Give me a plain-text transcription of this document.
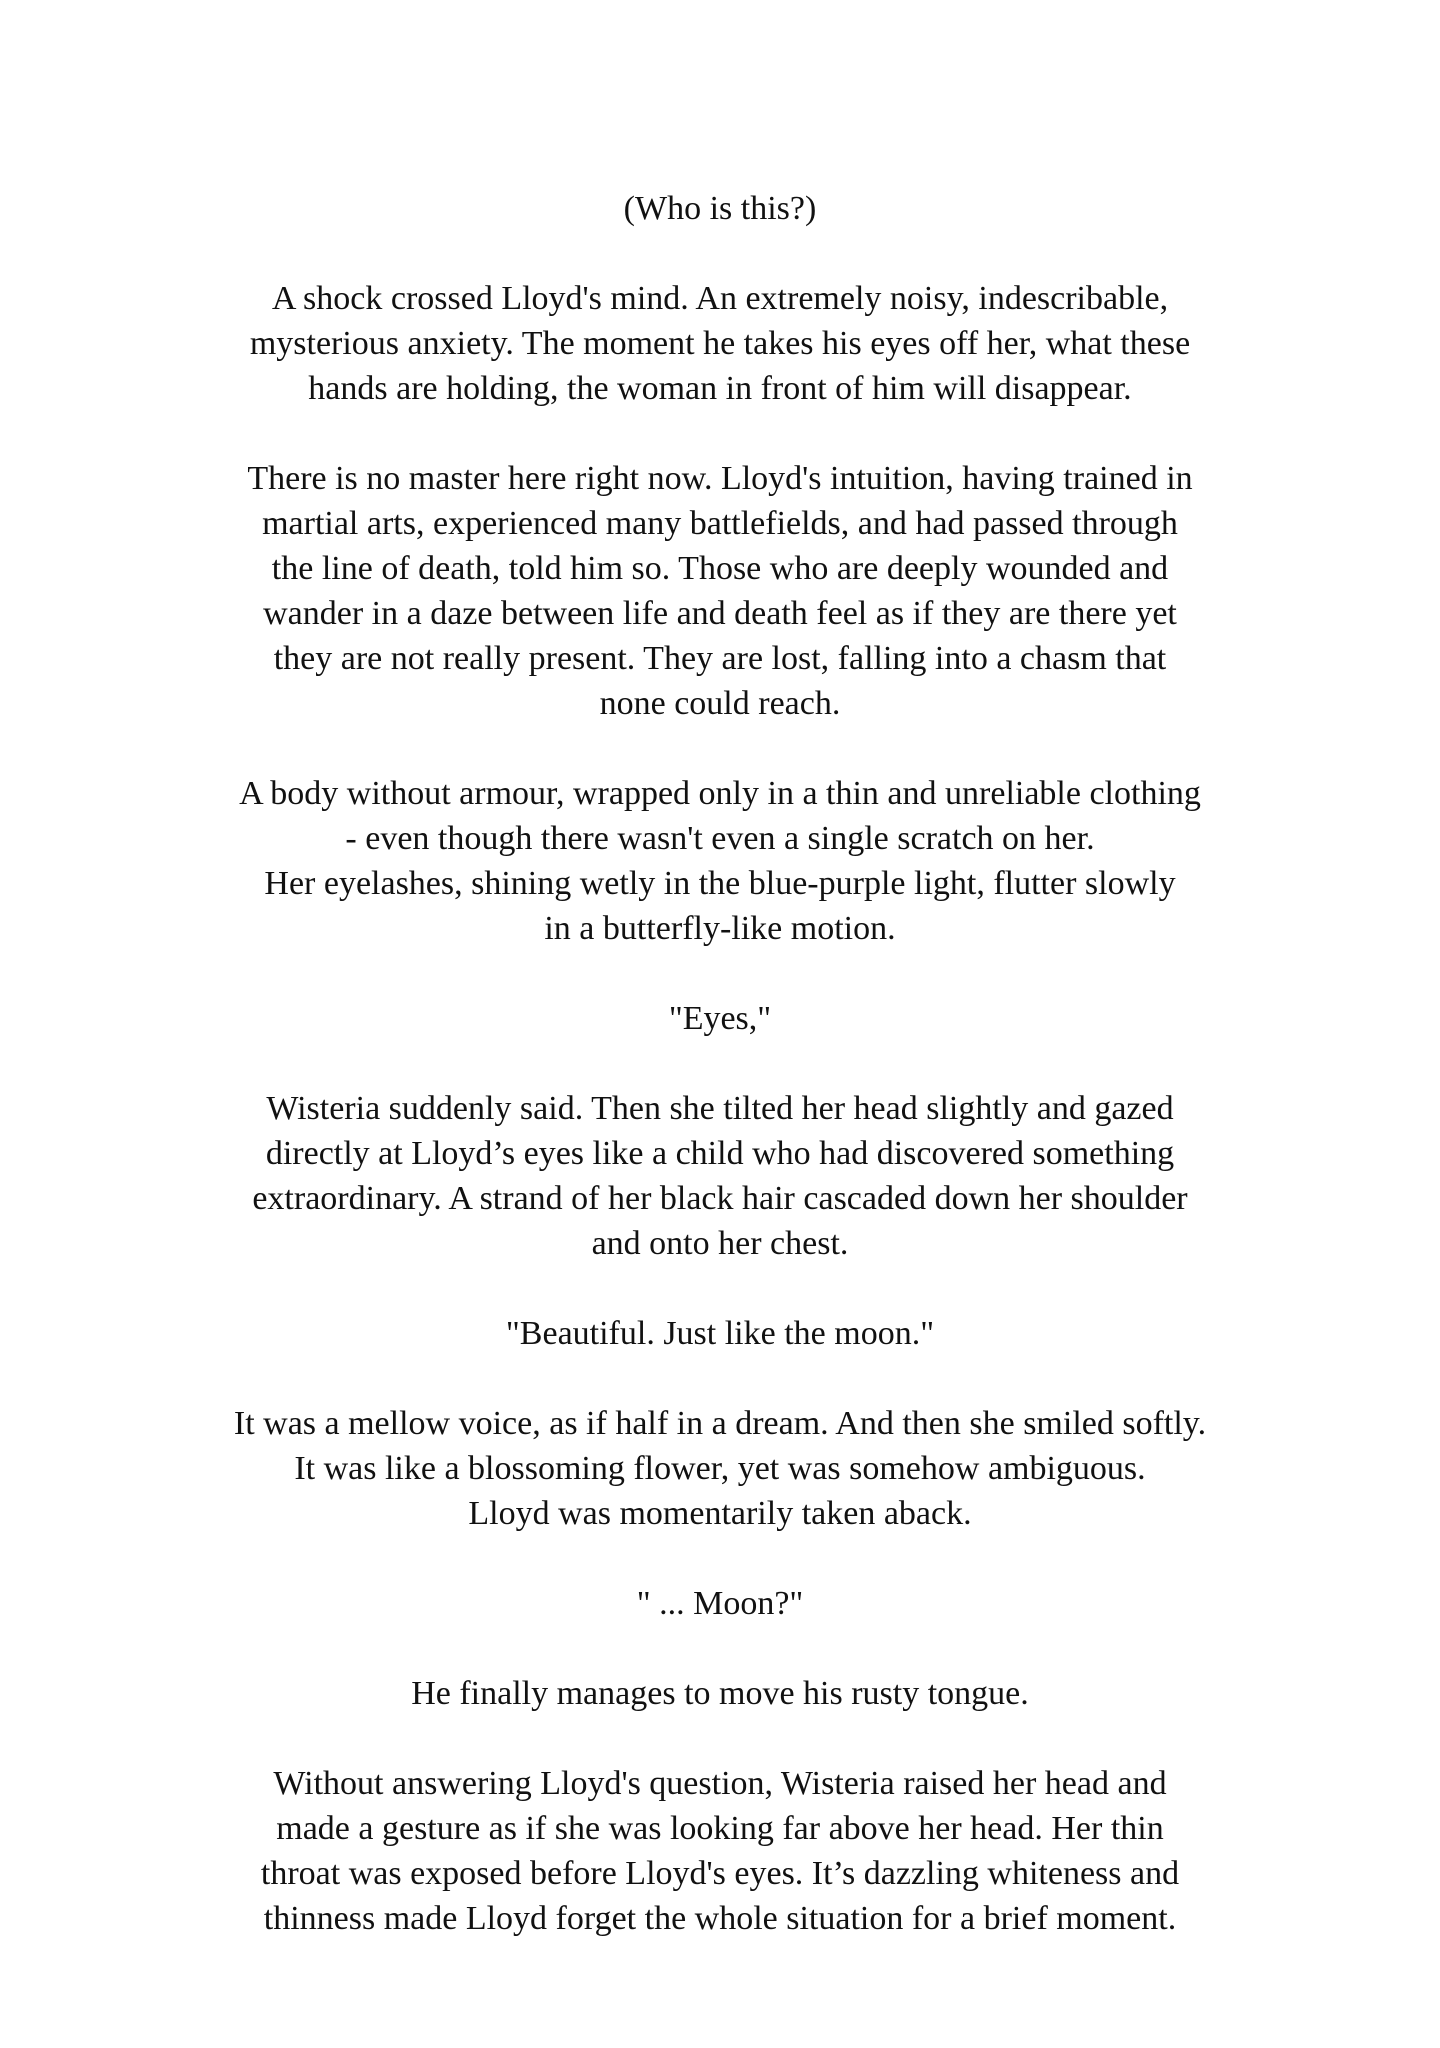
(Who is this?)

A shock crossed Lloyd's mind. An extremely noisy, indescribable,
mysterious anxiety. The moment he takes his eyes off her, what these
hands are holding, the woman in front of him will disappear.

There is no master here right now. Lloyd's intuition, having trained in
martial arts, experienced many battlefields, and had passed through
the line of death, told him so. Those who are deeply wounded and
wander in a daze between life and death feel as if they are there yet
they are not really present. They are lost, falling into a chasm that
none could reach.

A body without armour, wrapped only in a thin and unreliable clothing
- even though there wasn't even a single scratch on her.
Her eyelashes, shining wetly in the blue-purple light, flutter slowly
in a butterfly-like motion.

"Eyes,"

Wisteria suddenly said. Then she tilted her head slightly and gazed
directly at Lloyd’s eyes like a child who had discovered something
extraordinary. A strand of her black hair cascaded down her shoulder
and onto her chest.

"Beautiful. Just like the moon."

It was a mellow voice, as if half in a dream. And then she smiled softly.
It was like a blossoming flower, yet was somehow ambiguous.
Lloyd was momentarily taken aback.

" ... Moon?"

He finally manages to move his rusty tongue.

Without answering Lloyd's question, Wisteria raised her head and
made a gesture as if she was looking far above her head. Her thin
throat was exposed before Lloyd's eyes. It’s dazzling whiteness and
thinness made Lloyd forget the whole situation for a brief moment.
